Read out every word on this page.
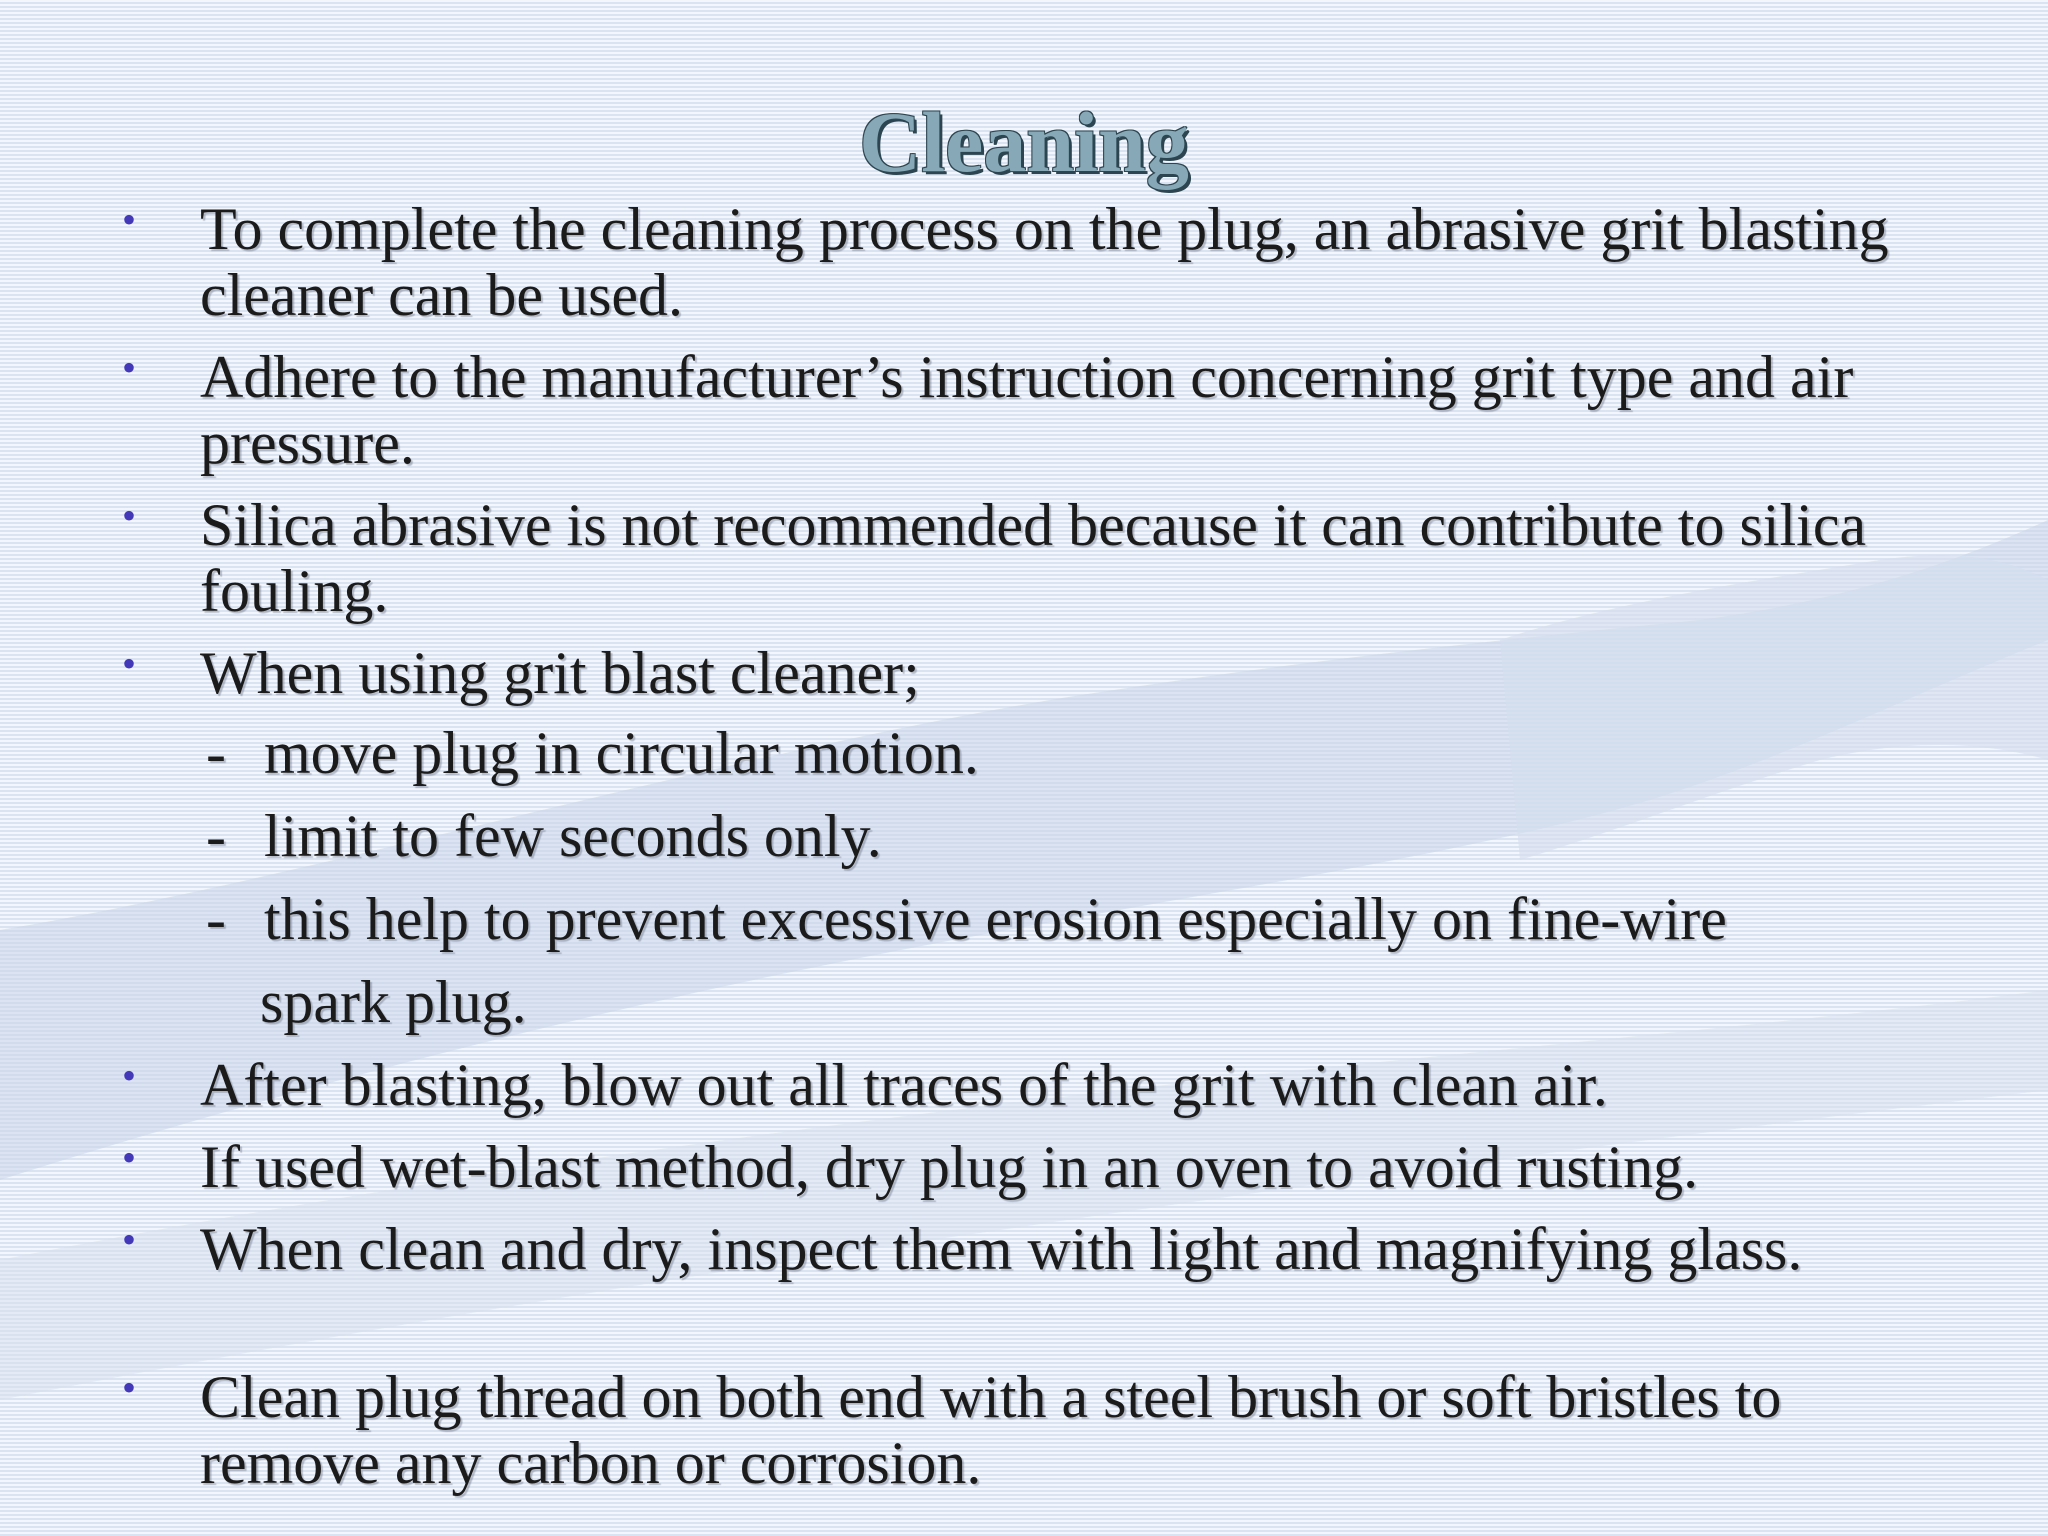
Cleaning
• To complete the cleaning process on the plug, an abrasive grit blasting cleaner can be used.
• Adhere to the manufacturer’s instruction concerning grit type and air pressure.
• Silica abrasive is not recommended because it can contribute to silica fouling.
• When using grit blast cleaner;
- move plug in circular motion.
- limit to few seconds only.
- this help to prevent excessive erosion especially on fine-wire
spark plug.
• After blasting, blow out all traces of the grit with clean air.
• If used wet-blast method, dry plug in an oven to avoid rusting.
• When clean and dry, inspect them with light and magnifying glass.
• Clean plug thread on both end with a steel brush or soft bristles to remove any carbon or corrosion.
